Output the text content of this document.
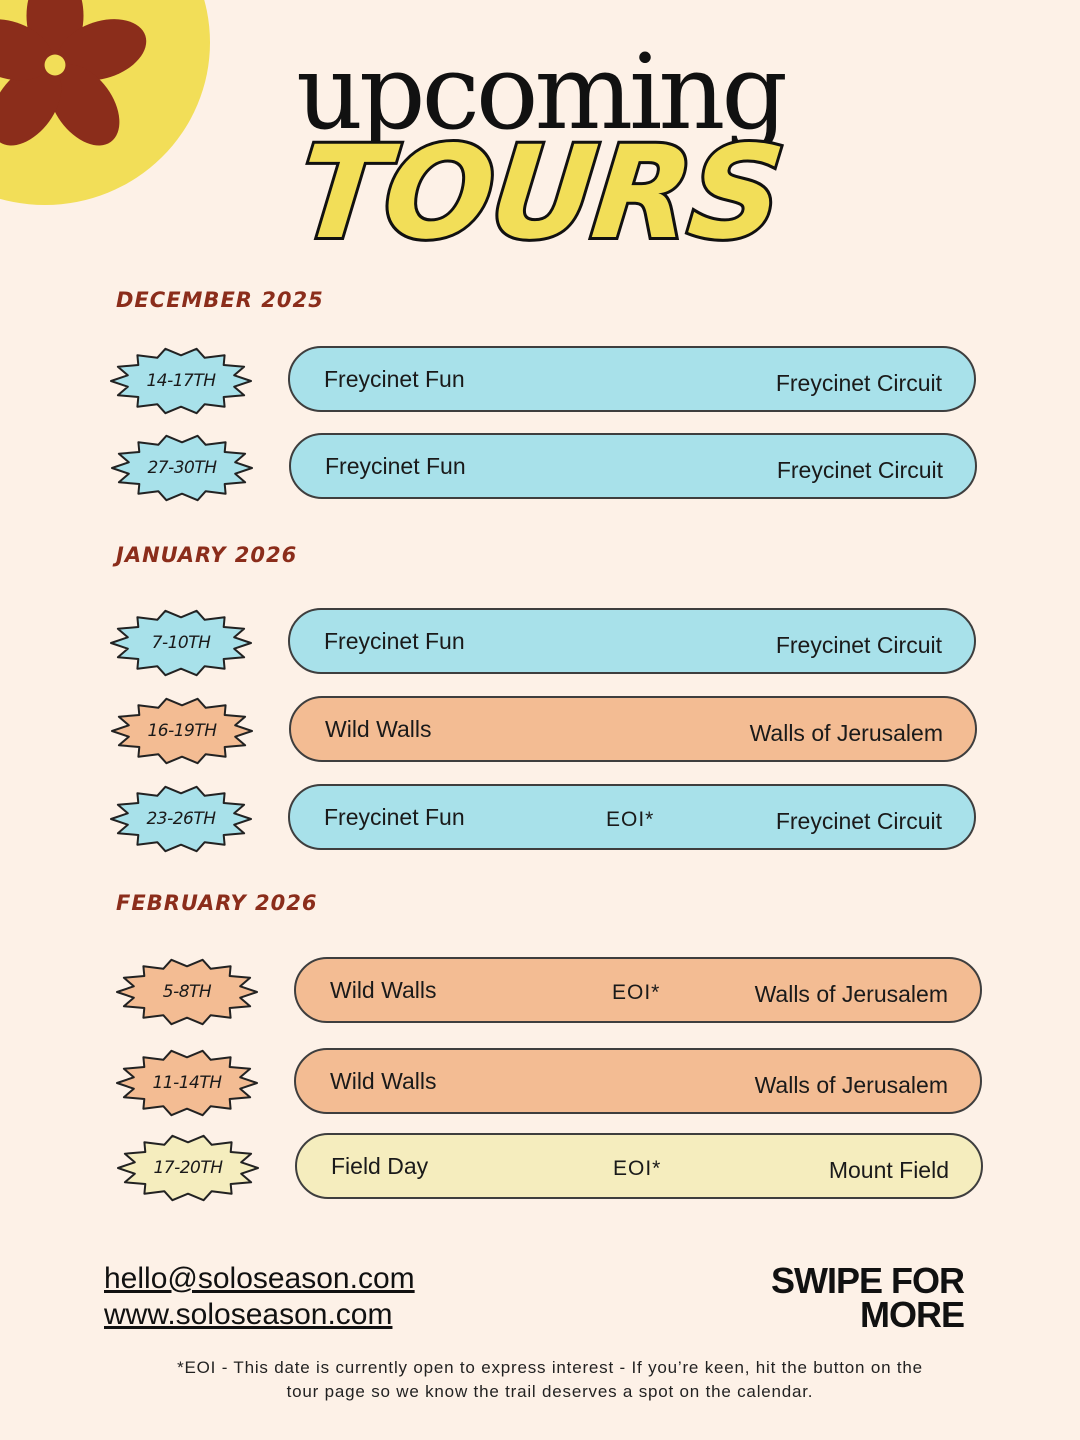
upcoming
TOURS
DECEMBER 2025
14-17TH	Freycinet Fun	Freycinet Circuit
27-30TH	Freycinet Fun	Freycinet Circuit
JANUARY 2026
7-10TH	Freycinet Fun	Freycinet Circuit
16-19TH	Wild Walls	Walls of Jerusalem
23-26TH	Freycinet Fun	EOI*	Freycinet Circuit
FEBRUARY 2026
5-8TH	Wild Walls	EOI*	Walls of Jerusalem
11-14TH	Wild Walls	Walls of Jerusalem
17-20TH	Field Day	EOI*	Mount Field
hello@soloseason.com
www.soloseason.com
SWIPE FOR
MORE
*EOI - This date is currently open to express interest - If you’re keen, hit the button on the
tour page so we know the trail deserves a spot on the calendar.
